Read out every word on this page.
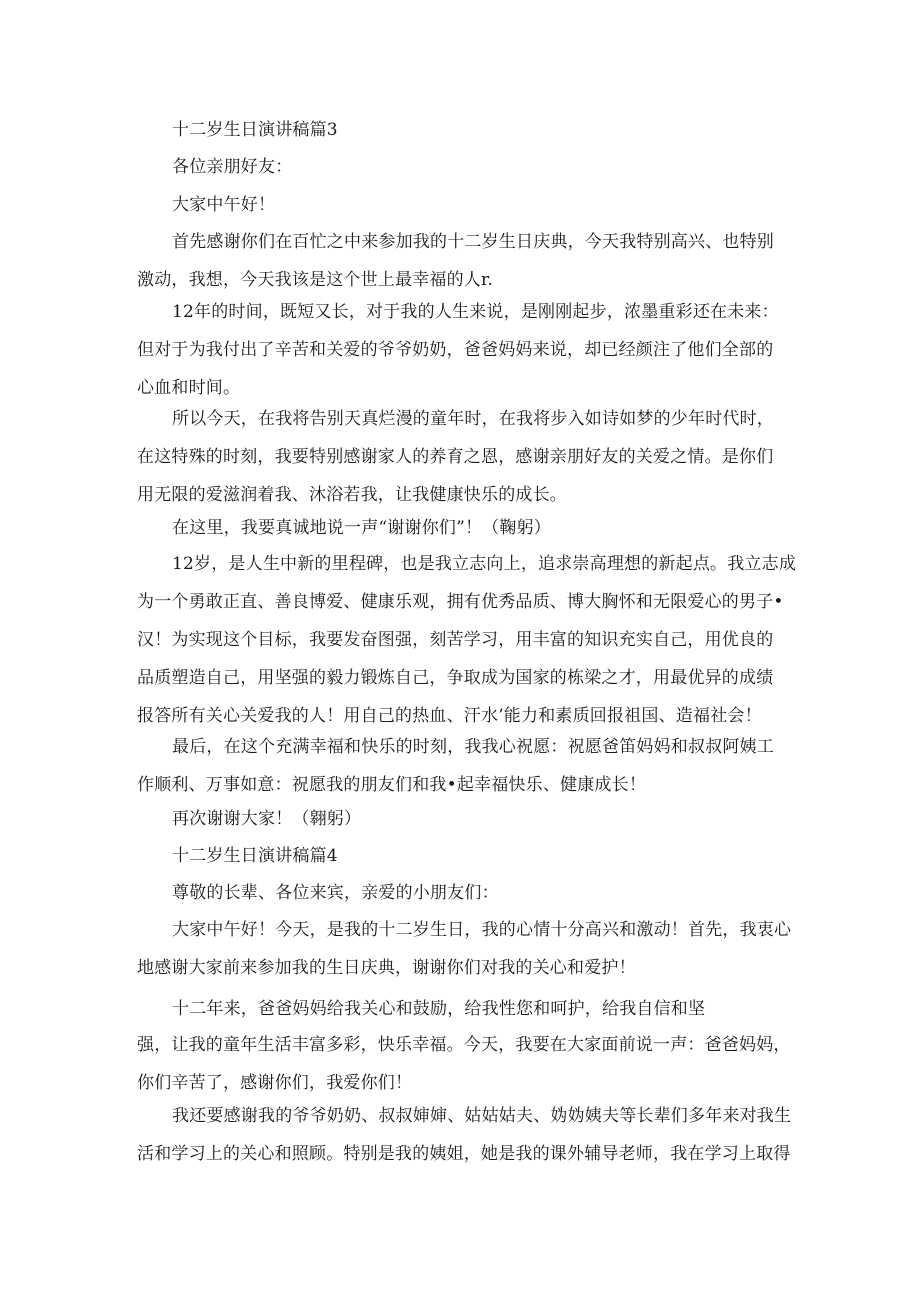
十二岁生日演讲稿篇3

各位亲朋好友：

大家中午好！

首先感谢你们在百忙之中来参加我的十二岁生日庆典，今天我特别高兴、也特别
激动，我想，今天我该是这个世上最幸福的人r.

12年的时间，既短又长，对于我的人生来说，是刚刚起步，浓墨重彩还在未来：
但对于为我付出了辛苦和关爱的爷爷奶奶，爸爸妈妈来说，却已经颜注了他们全部的
心血和时间。

所以今天，在我将告别天真烂漫的童年时，在我将步入如诗如梦的少年时代时，
在这特殊的时刻，我要特别感谢家人的养育之恩，感谢亲朋好友的关爱之情。是你们
用无限的爱滋润着我、沐浴若我，让我健康快乐的成长。

在这里，我要真诚地说一声“谢谢你们”！（鞠躬）

12岁，是人生中新的里程碑，也是我立志向上，追求崇高理想的新起点。我立志成
为一个勇敢正直、善良博爱、健康乐观，拥有优秀品质、博大胸怀和无限爱心的男子•
汉！为实现这个目标，我要发奋图强，刻苦学习，用丰富的知识充实自己，用优良的
品质塑造自己，用坚强的毅力锻炼自己，争取成为国家的栋梁之才，用最优异的成绩
报答所有关心关爱我的人！用自己的热血、汗水’能力和素质回报祖国、造福社会！

最后，在这个充满幸福和快乐的时刻，我我心祝愿：祝愿爸笛妈妈和叔叔阿姨工
作顺利、万事如意：祝愿我的朋友们和我•起幸福快乐、健康成长！

再次谢谢大家！（翱躬）

十二岁生日演讲稿篇4

尊敬的长辈、各位来宾，亲爱的小朋友们：

大家中午好！今天，是我的十二岁生日，我的心情十分高兴和激动！首先，我衷心
地感谢大家前来参加我的生日庆典，谢谢你们对我的关心和爱护！

十二年来，爸爸妈妈给我关心和鼓励，给我性您和呵护，给我自信和坚

强，让我的童年生活丰富多彩，快乐幸福。今天，我要在大家面前说一声：爸爸妈妈，
你们辛苦了，感谢你们，我爱你们！

我还要感谢我的爷爷奶奶、叔叔婶婶、姑姑姑夫、妫妫姨夫等长辈们多年来对我生
活和学习上的关心和照顾。特别是我的姨姐，她是我的课外辅导老师，我在学习上取得
